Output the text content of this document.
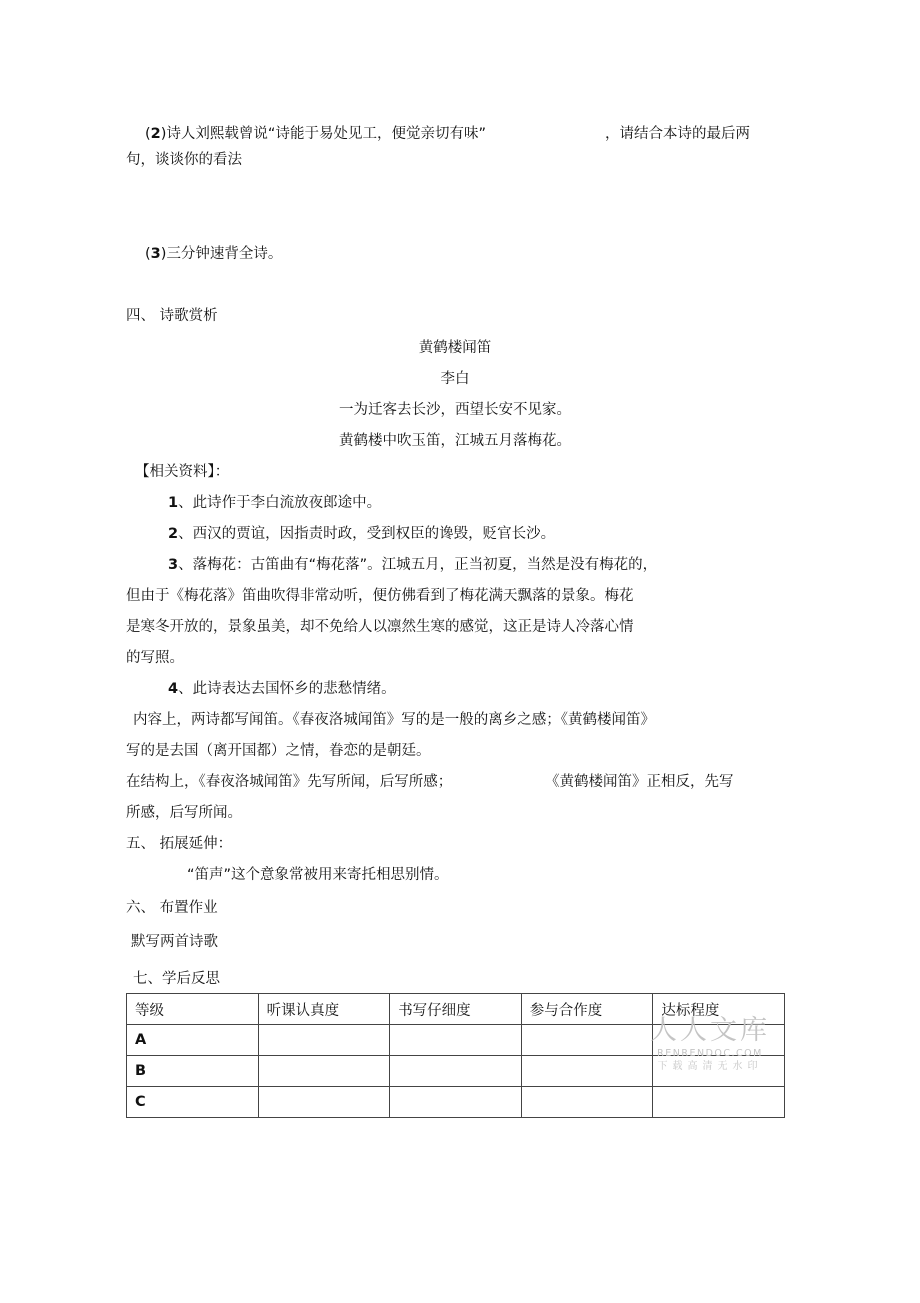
(2)诗人刘熙载曾说“诗能于易处见工，便觉亲切有味”	，请结合本诗的最后两
句，谈谈你的看法
(3)三分钟速背全诗。
四、 诗歌赏析
黄鹤楼闻笛
李白
一为迁客去长沙，西望长安不见家。
黄鹤楼中吹玉笛，江城五月落梅花。
【相关资料】：
1、此诗作于李白流放夜郎途中。
2、西汉的贾谊，因指责时政，受到权臣的谗毁，贬官长沙。
3、落梅花：古笛曲有“梅花落”。江城五月，正当初夏，当然是没有梅花的，
但由于《梅花落》笛曲吹得非常动听，便仿佛看到了梅花满天飘落的景象。梅花
是寒冬开放的，景象虽美，却不免给人以凛然生寒的感觉，这正是诗人冷落心情
的写照。
4、此诗表达去国怀乡的悲愁情绪。
内容上，两诗都写闻笛。《春夜洛城闻笛》写的是一般的离乡之感；《黄鹤楼闻笛》
写的是去国（离开国都）之情，眷恋的是朝廷。
在结构上，《春夜洛城闻笛》先写所闻，后写所感；	《黄鹤楼闻笛》正相反，先写
所感，后写所闻。
五、 拓展延伸：
“笛声”这个意象常被用来寄托相思别情。
六、 布置作业
默写两首诗歌
七、学后反思
等级	听课认真度	书写仔细度	参与合作度	达标程度
A				
B				
C				
人人文库
RENRENDOC.COM
下载高清无水印
